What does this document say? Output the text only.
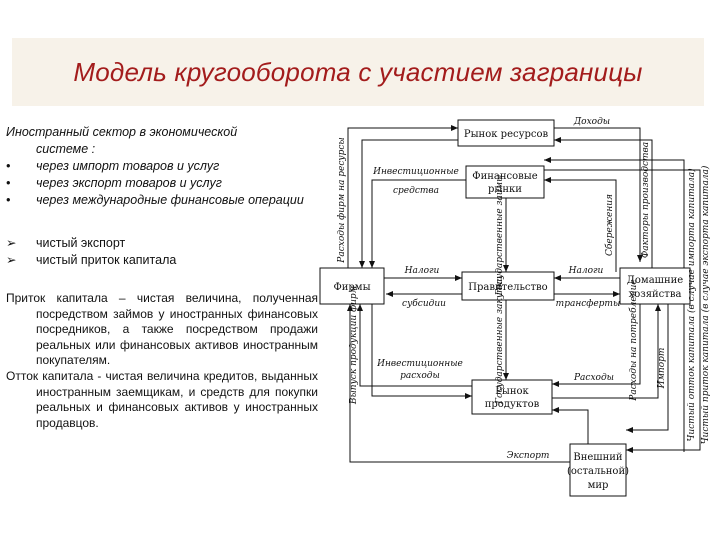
Модель кругооборота с участием заграницы
Иностранный сектор в экономической
системе :
• через импорт товаров и услуг
• через экспорт товаров и услуг
• через международные финансовые операции
➢ чистый экспорт
➢ чистый приток капитала
Приток капитала – чистая величина, полученная посредством займов у иностранных финансовых посредников, а также посредством продажи реальных или финансовых активов иностранным покупателям.
Отток капитала - чистая величина кредитов, выданных иностранным заемщикам, и средств для покупки реальных и финансовых активов у иностранных продавцов.
Рынок ресурсов
Финансовые
рынки
Фирмы	Правительство
Домашние
хозяйства
Рынок
продуктов
Внешний
(остальной)
мир
Доходы
Инвестиционные
средства
Налоги
субсидии
Налоги
трансферты
Инвестиционные
расходы	Расходы
Экспорт
Расходы фирм на ресурсы	Факторы производства
Сбережения
Расходы на потребление
Государственные займы
Государственные закупки
Выпуск продукции фирм	Импорт	Чистый приток капитала (в случае экспорта капитала)
Чистый отток капитала (в случае импорта капитала)
